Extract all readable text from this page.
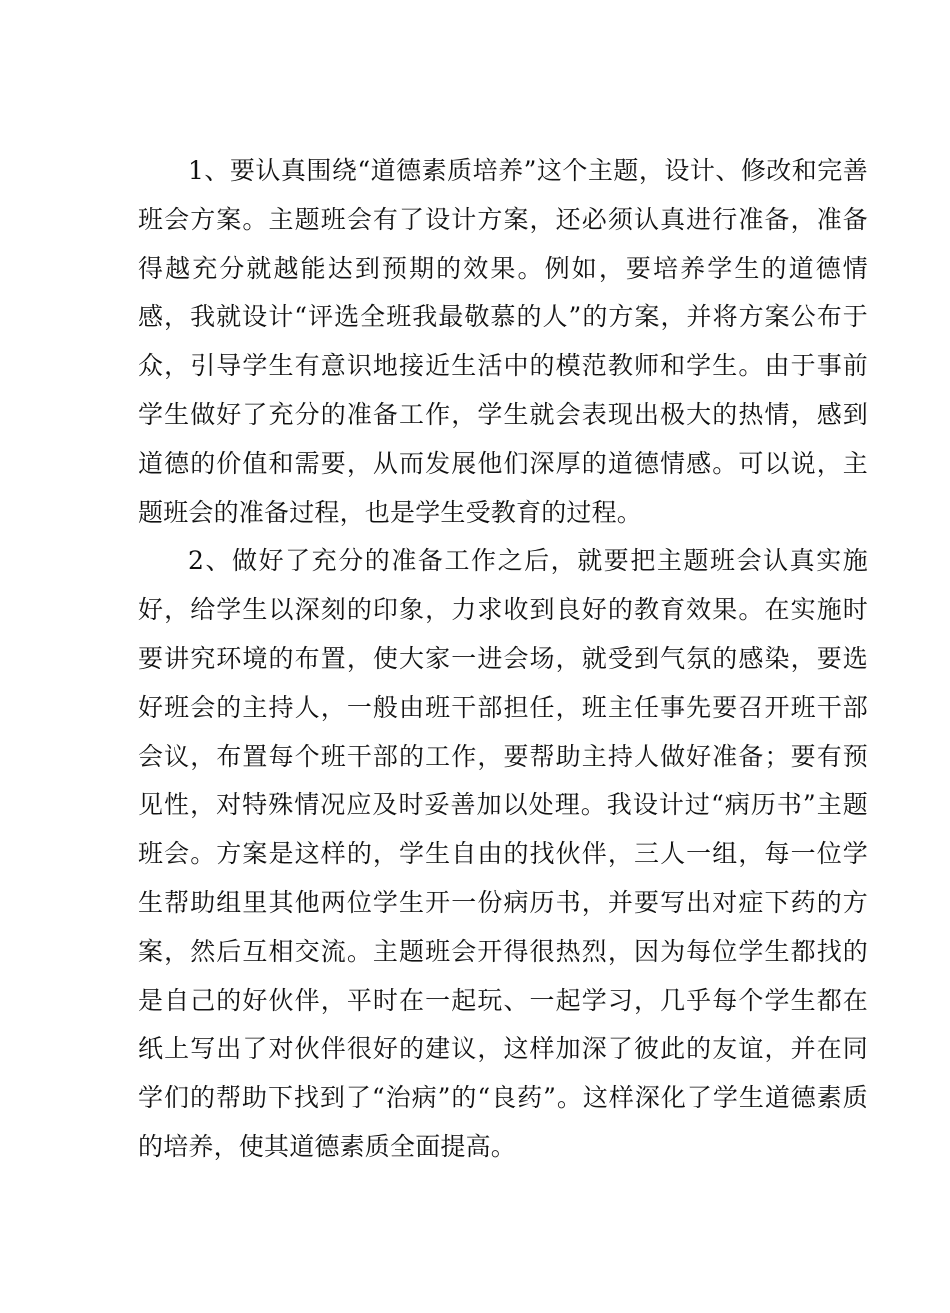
1、要认真围绕“道德素质培养”这个主题，设计、修改和完善班会方案。主题班会有了设计方案，还必须认真进行准备，准备得越充分就越能达到预期的效果。例如，要培养学生的道德情感，我就设计“评选全班我最敬慕的人”的方案，并将方案公布于众，引导学生有意识地接近生活中的模范教师和学生。由于事前学生做好了充分的准备工作，学生就会表现出极大的热情，感到道德的价值和需要，从而发展他们深厚的道德情感。可以说，主题班会的准备过程，也是学生受教育的过程。

2、做好了充分的准备工作之后，就要把主题班会认真实施好，给学生以深刻的印象，力求收到良好的教育效果。在实施时要讲究环境的布置，使大家一进会场，就受到气氛的感染，要选好班会的主持人，一般由班干部担任，班主任事先要召开班干部会议，布置每个班干部的工作，要帮助主持人做好准备；要有预见性，对特殊情况应及时妥善加以处理。我设计过“病历书”主题班会。方案是这样的，学生自由的找伙伴，三人一组，每一位学生帮助组里其他两位学生开一份病历书，并要写出对症下药的方案，然后互相交流。主题班会开得很热烈，因为每位学生都找的是自己的好伙伴，平时在一起玩、一起学习，几乎每个学生都在纸上写出了对伙伴很好的建议，这样加深了彼此的友谊，并在同学们的帮助下找到了“治病”的“良药”。这样深化了学生道德素质的培养，使其道德素质全面提高。
